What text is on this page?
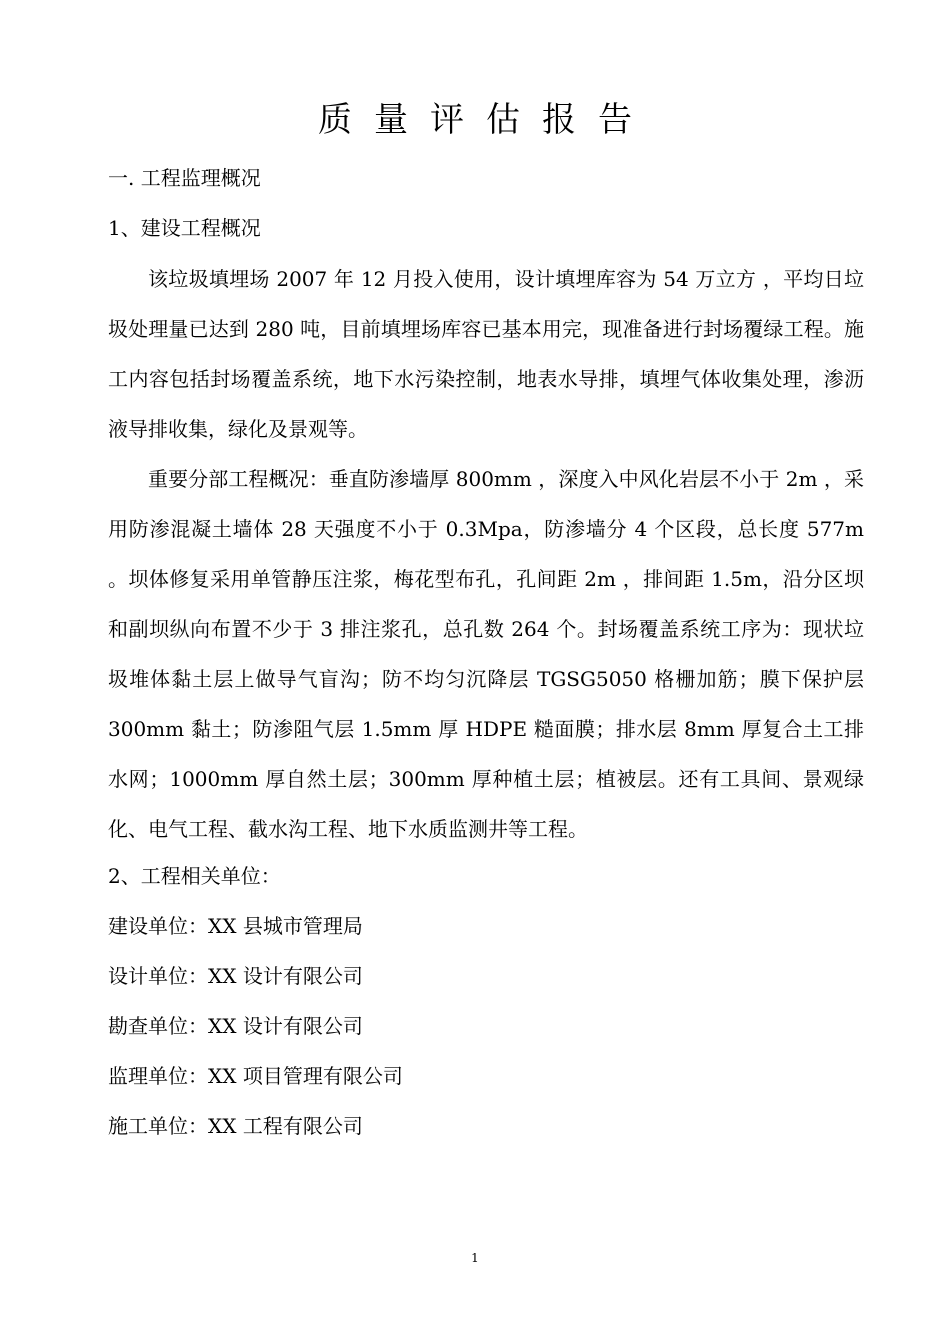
质量评估报告
一. 工程监理概况
1、建设工程概况

该垃圾填埋场 2007 年 12 月投入使用，设计填埋库容为 54 万立方 ，平均日垃圾处理量已达到 280 吨，目前填埋场库容已基本用完，现准备进行封场覆绿工程。施工内容包括封场覆盖系统，地下水污染控制，地表水导排，填埋气体收集处理，渗沥液导排收集，绿化及景观等。

重要分部工程概况：垂直防渗墙厚 800mm ，深度入中风化岩层不小于 2m ，采用防渗混凝土墙体 28 天强度不小于 0.3Mpa，防渗墙分 4 个区段，总长度 577m 。坝体修复采用单管静压注浆，梅花型布孔，孔间距 2m ，排间距 1.5m，沿分区坝和副坝纵向布置不少于 3 排注浆孔，总孔数 264 个。封场覆盖系统工序为：现状垃圾堆体黏土层上做导气盲沟；防不均匀沉降层 TGSG5050 格栅加筋；膜下保护层 300mm 黏土；防渗阻气层 1.5mm 厚 HDPE 糙面膜；排水层 8mm 厚复合土工排水网；1000mm 厚自然土层；300mm 厚种植土层；植被层。还有工具间、景观绿化、电气工程、截水沟工程、地下水质监测井等工程。

2、工程相关单位：
建设单位：XX 县城市管理局
设计单位：XX 设计有限公司
勘查单位：XX 设计有限公司
监理单位：XX 项目管理有限公司
施工单位：XX 工程有限公司
1
